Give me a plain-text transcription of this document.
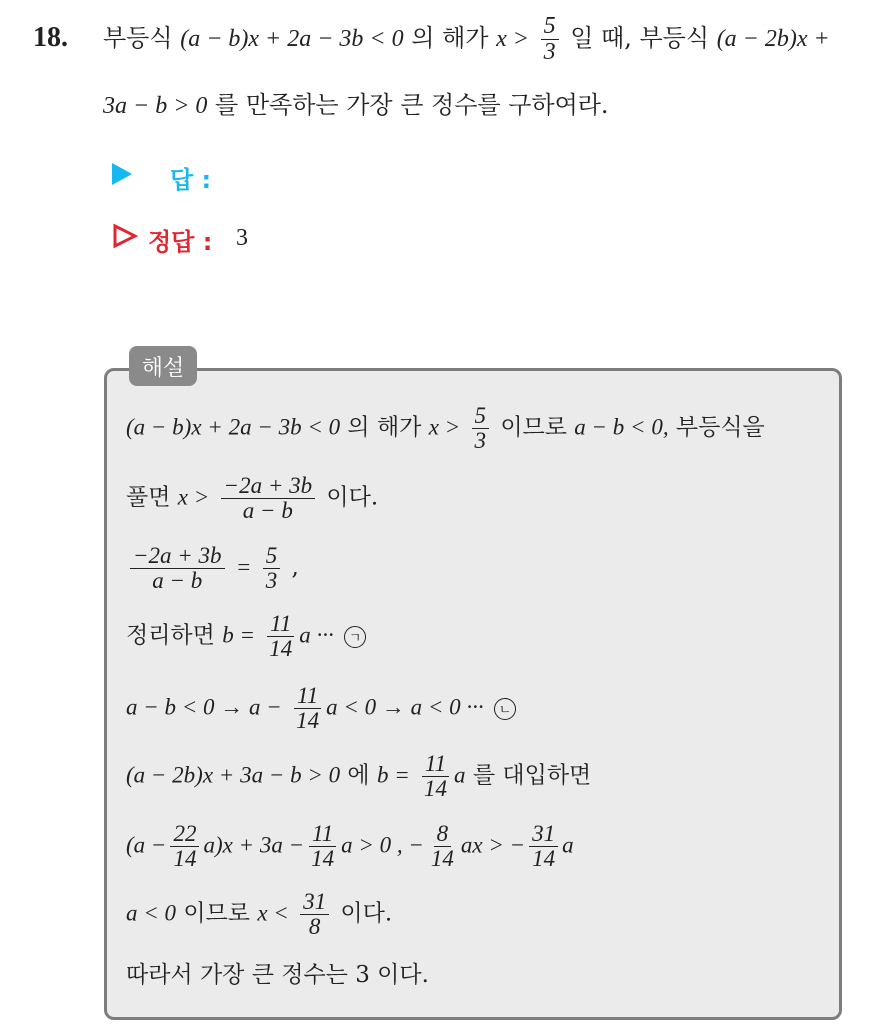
18. 부등식 (a − b)x + 2a − 3b < 0 의 해가 $x > \frac{5}{3}$ 일 때, 부등식 (a − 2b)x +
3a − b > 0 를 만족하는 가장 큰 정수를 구하여라.
답 :
정답 : 3
해설
(a − b)x + 2a − 3b < 0 의 해가 $x > \frac{5}{3}$ 이므로 a − b < 0, 부등식을
풀면 $x > \frac{-2a + 3b}{a - b}$ 이다.
$\frac{-2a + 3b}{a - b} = \frac{5}{3}$ ,
정리하면 $b = \frac{11}{14}$ a ··· ㄱ
$a - b < 0 \to a - \frac{11}{14}$ a < 0 → a < 0 ··· ㄴ
(a − 2b)x + 3a − b > 0 에 $b = \frac{11}{14}$ a 를 대입하면
$(a - \frac{22}{14} a)x + 3a - \frac{11}{14}$ a > 0 , − $\frac{8}{14}$ ax > − $\frac{31}{14}$ a
a < 0 이므로 $x < \frac{31}{8}$ 이다.
따라서 가장 큰 정수는 3 이다.
